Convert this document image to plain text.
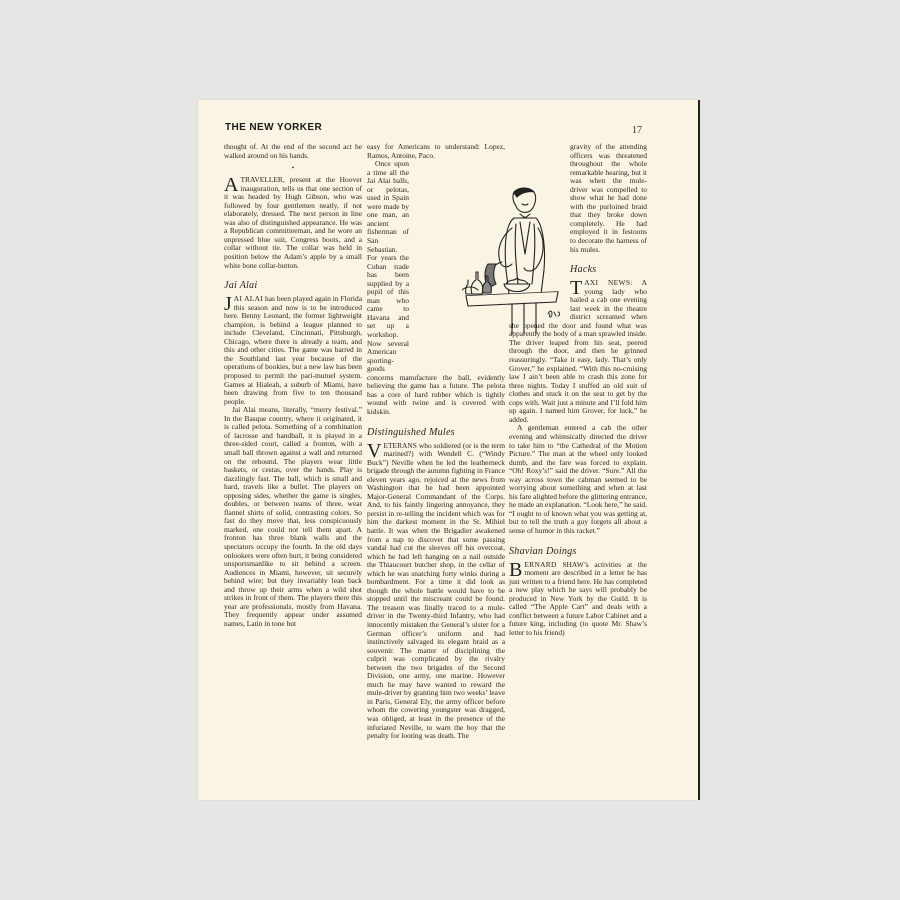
THE NEW YORKER	17

thought of. At the end of the second act he walked around on his hands.

•

ATRAVELLER, present at the Hoover inauguration, tells us that one section of it was headed by Hugh Gibson, who was followed by four gentlemen neatly, if not elaborately, dressed. The next person in line was also of distinguished appearance. He was a Republican committeeman, and he wore an unpressed blue suit, Congress boots, and a collar without tie. The collar was held in position below the Adam’s apple by a small white bone collar-button.

Jai Alai

JAI ALAI has been played again in Florida this season and now is to be introduced here. Benny Leonard, the former lightweight champion, is behind a league planned to include Cleveland, Cincinnati, Pittsburgh, Chicago, where there is already a team, and this and other cities. The game was barred in the Southland last year because of the operations of bookies, but a new law has been proposed to permit the pari-mutuel system. Games at Hialeah, a suburb of Miami, have been drawing from five to ten thousand people.

Jai Alai means, literally, “merry festival.” In the Basque country, where it originated, it is called pelota. Something of a combination of lacrosse and handball, it is played in a three-sided court, called a fronton, with a small ball thrown against a wall and returned on the rebound. The players wear little baskets, or cestas, over the hands. Play is dazzlingly fast. The ball, which is small and hard, travels like a bullet. The players on opposing sides, whether the game is singles, doubles, or between teams of three, wear flannel shirts of solid, contrasting colors. So fast do they move that, less conspicuously marked, one could not tell them apart. A fronton has three blank walls and the spectators occupy the fourth. In the old days onlookers were often hurt, it being considered unsportsmanlike to sit behind a screen. Audiences in Miami, however, sit securely behind wire; but they invariably lean back and throw up their arms when a wild shot strikes in front of them. The players there this year are professionals, mostly from Havana. They frequently appear under assumed names, Latin in tone but

easy for Americans to understand: Lopez, Ramos, Antoine, Paco.

Once upon a time all the Jai Alai balls, or pelotas, used in Spain were made by one man, an ancient fisherman of San Sebastian. For years the Cuban trade has been supplied by a pupil of this man who came to Havana and set up a workshop. Now several American sporting-goods concerns manufacture the ball, evidently believing the game has a future. The pelota has a core of hard rubber which is tightly wound with twine and is covered with kidskin.

Distinguished Mules

VETERANS who soldiered (or is the term marined?) with Wendell C. (“Windy Buck”) Neville when he led the leatherneck brigade through the autumn fighting in France eleven years ago, rejoiced at the news from Washington that he had been appointed Major-General Commandant of the Corps. And, to his faintly lingering annoyance, they persist in re-telling the incident which was for him the darkest moment in the St. Mihiel battle. It was when the Brigadier awakened from a nap to discover that some passing vandal had cut the sleeves off his overcoat, which he had left hanging on a nail outside the Thiaucourt butcher shop, in the cellar of which he was snatching forty winks during a bombardment. For a time it did look as though the whole battle would have to be stopped until the miscreant could be found. The treason was finally traced to a mule-driver in the Twenty-third Infantry, who had innocently mistaken the General’s ulster for a German officer’s uniform and had instinctively salvaged its elegant braid as a souvenir. The matter of disciplining the culprit was complicated by the rivalry between the two brigades of the Second Division, one army, one marine. However much he may have wanted to reward the mule-driver by granting him two weeks’ leave in Paris, General Ely, the army officer before whom the cowering youngster was dragged, was obliged, at least in the presence of the infuriated Neville, to warn the boy that the penalty for looting was death. The

gravity of the attending officers was threatened throughout the whole remarkable hearing, but it was when the mule-driver was compelled to show what he had done with the purloined braid that they broke down completely. He had employed it in festoons to decorate the harness of his mules.

Hacks

TAXI NEWS: A young lady who hailed a cab one evening last week in the theatre district screamed when she opened the door and found what was apparently the body of a man sprawled inside. The driver leaped from his seat, peered through the door, and then he grinned reassuringly. “Take it easy, lady. That’s only Grover,” he explained. “With this no-cruising law I ain’t been able to crash this zone for three nights. Today I stuffed an old suit of clothes and stuck it on the seat to get by the cops with. Wait just a minute and I’ll fold him up again. I named him Grover, for luck,” he added.

A gentleman entered a cab the other evening and whimsically directed the driver to take him to “the Cathedral of the Motion Picture.” The man at the wheel only looked dumb, and the fare was forced to explain. “Oh! Roxy’s!” said the driver. “Sure.” All the way across town the cabman seemed to be worrying about something and when at last his fare alighted before the glittering entrance, he made an explanation. “Look here,” he said. “I ought to of known what you was getting at, but to tell the truth a guy forgets all about a sense of humor in this racket.”

Shavian Doings

BERNARD SHAW’s activities at the moment are described in a letter he has just written to a friend here. He has completed a new play which he says will probably be produced in New York by the Guild. It is called “The Apple Cart” and deals with a conflict between a future Labor Cabinet and a future king, including (to quote Mr. Shaw’s letter to his friend)
